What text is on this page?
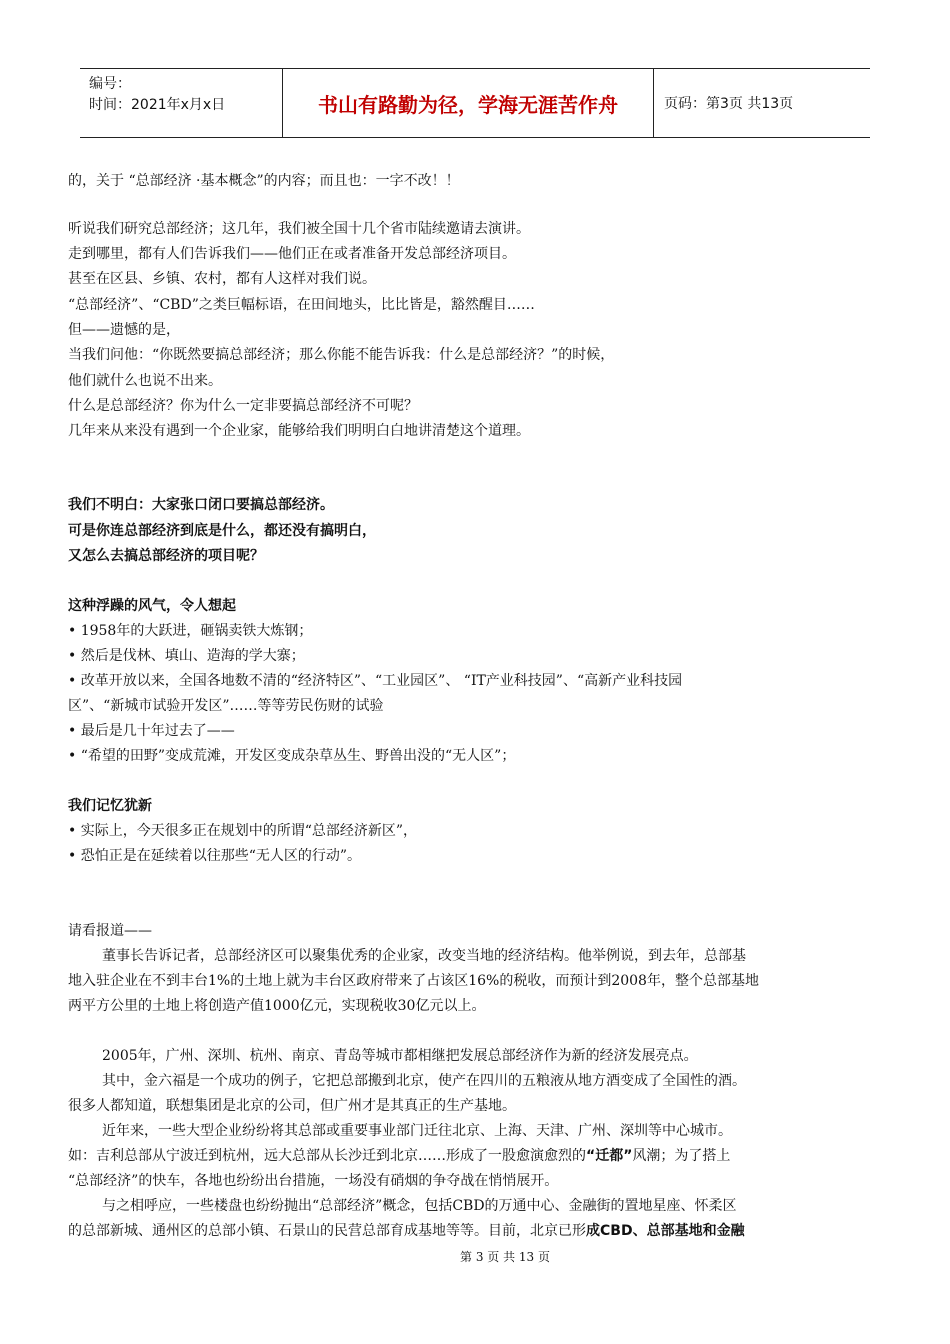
编号：
时间：2021年x月x日	书山有路勤为径，学海无涯苦作舟	页码：第3页 共13页
的，关于 “总部经济 ·基本概念”的内容；而且也：一字不改！！
听说我们研究总部经济；这几年，我们被全国十几个省市陆续邀请去演讲。
走到哪里，都有人们告诉我们——他们正在或者准备开发总部经济项目。
甚至在区县、乡镇、农村，都有人这样对我们说。
“总部经济”、“CBD”之类巨幅标语，在田间地头，比比皆是，豁然醒目……
但——遗憾的是，
当我们问他：“你既然要搞总部经济；那么你能不能告诉我：什么是总部经济？”的时候，
他们就什么也说不出来。
什么是总部经济？你为什么一定非要搞总部经济不可呢？
几年来从来没有遇到一个企业家，能够给我们明明白白地讲清楚这个道理。
我们不明白：大家张口闭口要搞总部经济。
可是你连总部经济到底是什么，都还没有搞明白，
又怎么去搞总部经济的项目呢？
这种浮躁的风气，令人想起
• 1958年的大跃进，砸锅卖铁大炼钢；
• 然后是伐林、填山、造海的学大寨；
• 改革开放以来，全国各地数不清的“经济特区”、“工业园区”、 “IT产业科技园”、“高新产业科技园
区”、“新城市试验开发区”……等等劳民伤财的试验
• 最后是几十年过去了——
• “希望的田野”变成荒滩，开发区变成杂草丛生、野兽出没的“无人区”；
我们记忆犹新
• 实际上，今天很多正在规划中的所谓“总部经济新区”，
• 恐怕正是在延续着以往那些“无人区的行动”。
请看报道——
董事长告诉记者，总部经济区可以聚集优秀的企业家，改变当地的经济结构。他举例说，到去年，总部基
地入驻企业在不到丰台1%的土地上就为丰台区政府带来了占该区16%的税收，而预计到2008年，整个总部基地
两平方公里的土地上将创造产值1000亿元，实现税收30亿元以上。
2005年，广州、深圳、杭州、南京、青岛等城市都相继把发展总部经济作为新的经济发展亮点。
其中，金六福是一个成功的例子，它把总部搬到北京，使产在四川的五粮液从地方酒变成了全国性的酒。
很多人都知道，联想集团是北京的公司，但广州才是其真正的生产基地。
近年来，一些大型企业纷纷将其总部或重要事业部门迁往北京、上海、天津、广州、深圳等中心城市。
如：吉利总部从宁波迁到杭州，远大总部从长沙迁到北京……形成了一股愈演愈烈的“迁都”风潮；为了搭上
“总部经济”的快车，各地也纷纷出台措施，一场没有硝烟的争夺战在悄悄展开。
与之相呼应，一些楼盘也纷纷抛出“总部经济”概念，包括CBD的万通中心、金融街的置地星座、怀柔区
的总部新城、通州区的总部小镇、石景山的民营总部育成基地等等。目前，北京已形成CBD、总部基地和金融
第 3 页 共 13 页
